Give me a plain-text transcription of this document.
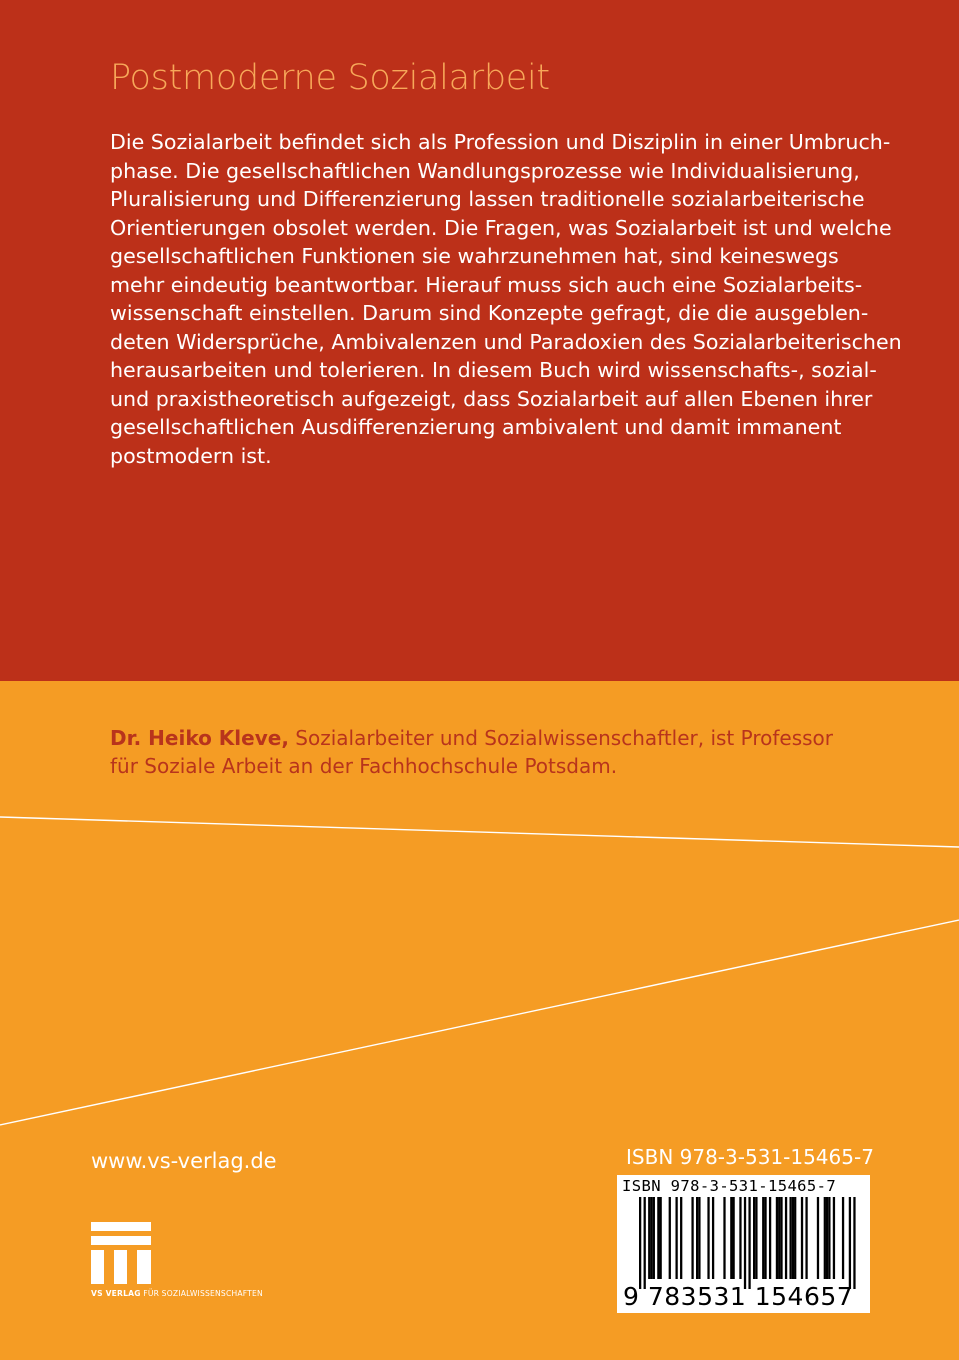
Postmoderne Sozialarbeit

Die Sozialarbeit befindet sich als Profession und Disziplin in einer Umbruch-
phase. Die gesellschaftlichen Wandlungsprozesse wie Individualisierung,
Pluralisierung und Differenzierung lassen traditionelle sozialarbeiterische
Orientierungen obsolet werden. Die Fragen, was Sozialarbeit ist und welche
gesellschaftlichen Funktionen sie wahrzunehmen hat, sind keineswegs
mehr eindeutig beantwortbar. Hierauf muss sich auch eine Sozialarbeits-
wissenschaft einstellen. Darum sind Konzepte gefragt, die die ausgeblen-
deten Widersprüche, Ambivalenzen und Paradoxien des Sozialarbeiterischen
herausarbeiten und tolerieren. In diesem Buch wird wissenschafts-, sozial-
und praxistheoretisch aufgezeigt, dass Sozialarbeit auf allen Ebenen ihrer
gesellschaftlichen Ausdifferenzierung ambivalent und damit immanent
postmodern ist.

Dr. Heiko Kleve, Sozialarbeiter und Sozialwissenschaftler, ist Professor
für Soziale Arbeit an der Fachhochschule Potsdam.
www.vs-verlag.de	ISBN 978-3-531-15465-7
VS VERLAG FÜR SOZIALWISSENSCHAFTEN
ISBN 978-3-531-15465-7
9 783531 154657
